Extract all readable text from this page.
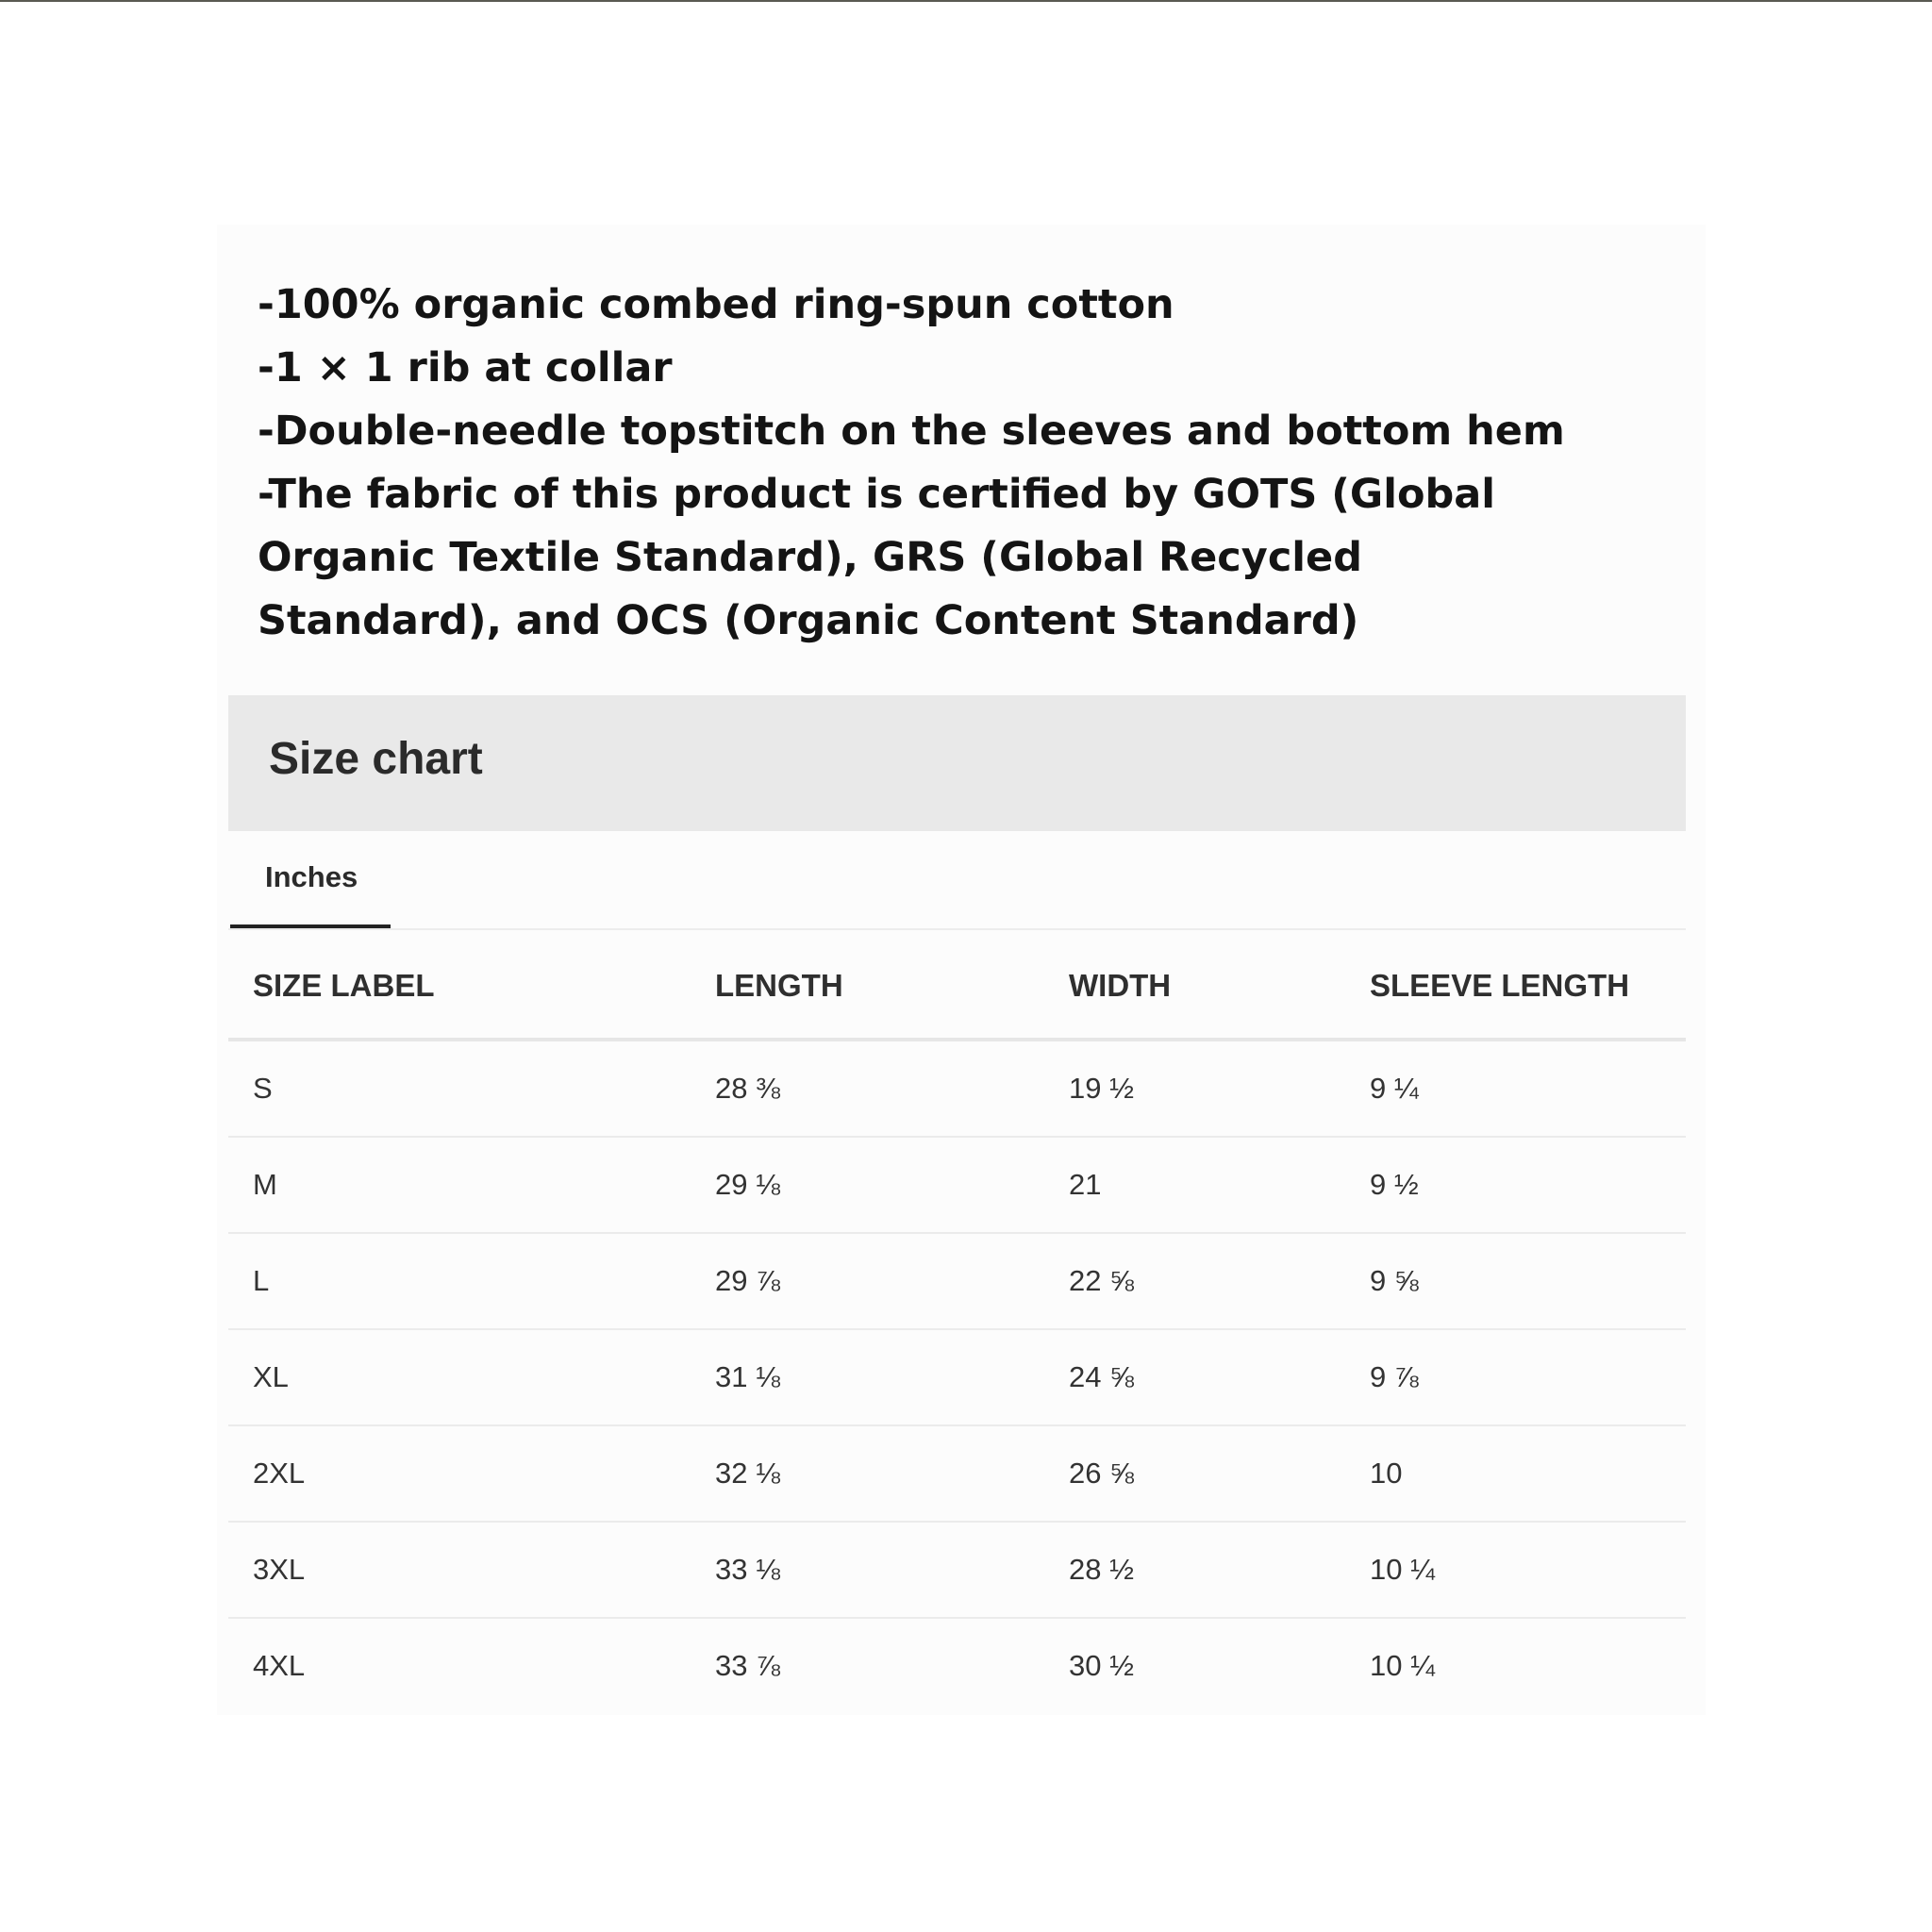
-100% organic combed ring-spun cotton
-1 × 1 rib at collar
-Double-needle topstitch on the sleeves and bottom hem
-The fabric of this product is certified by GOTS (Global Organic Textile Standard), GRS (Global Recycled Standard), and OCS (Organic Content Standard)

Size chart
Inches
SIZE LABEL	LENGTH	WIDTH	SLEEVE LENGTH
S	28 ⅜	19 ½	9 ¼
M	29 ⅛	21	9 ½
L	29 ⅞	22 ⅝	9 ⅝
XL	31 ⅛	24 ⅝	9 ⅞
2XL	32 ⅛	26 ⅝	10
3XL	33 ⅛	28 ½	10 ¼
4XL	33 ⅞	30 ½	10 ¼
